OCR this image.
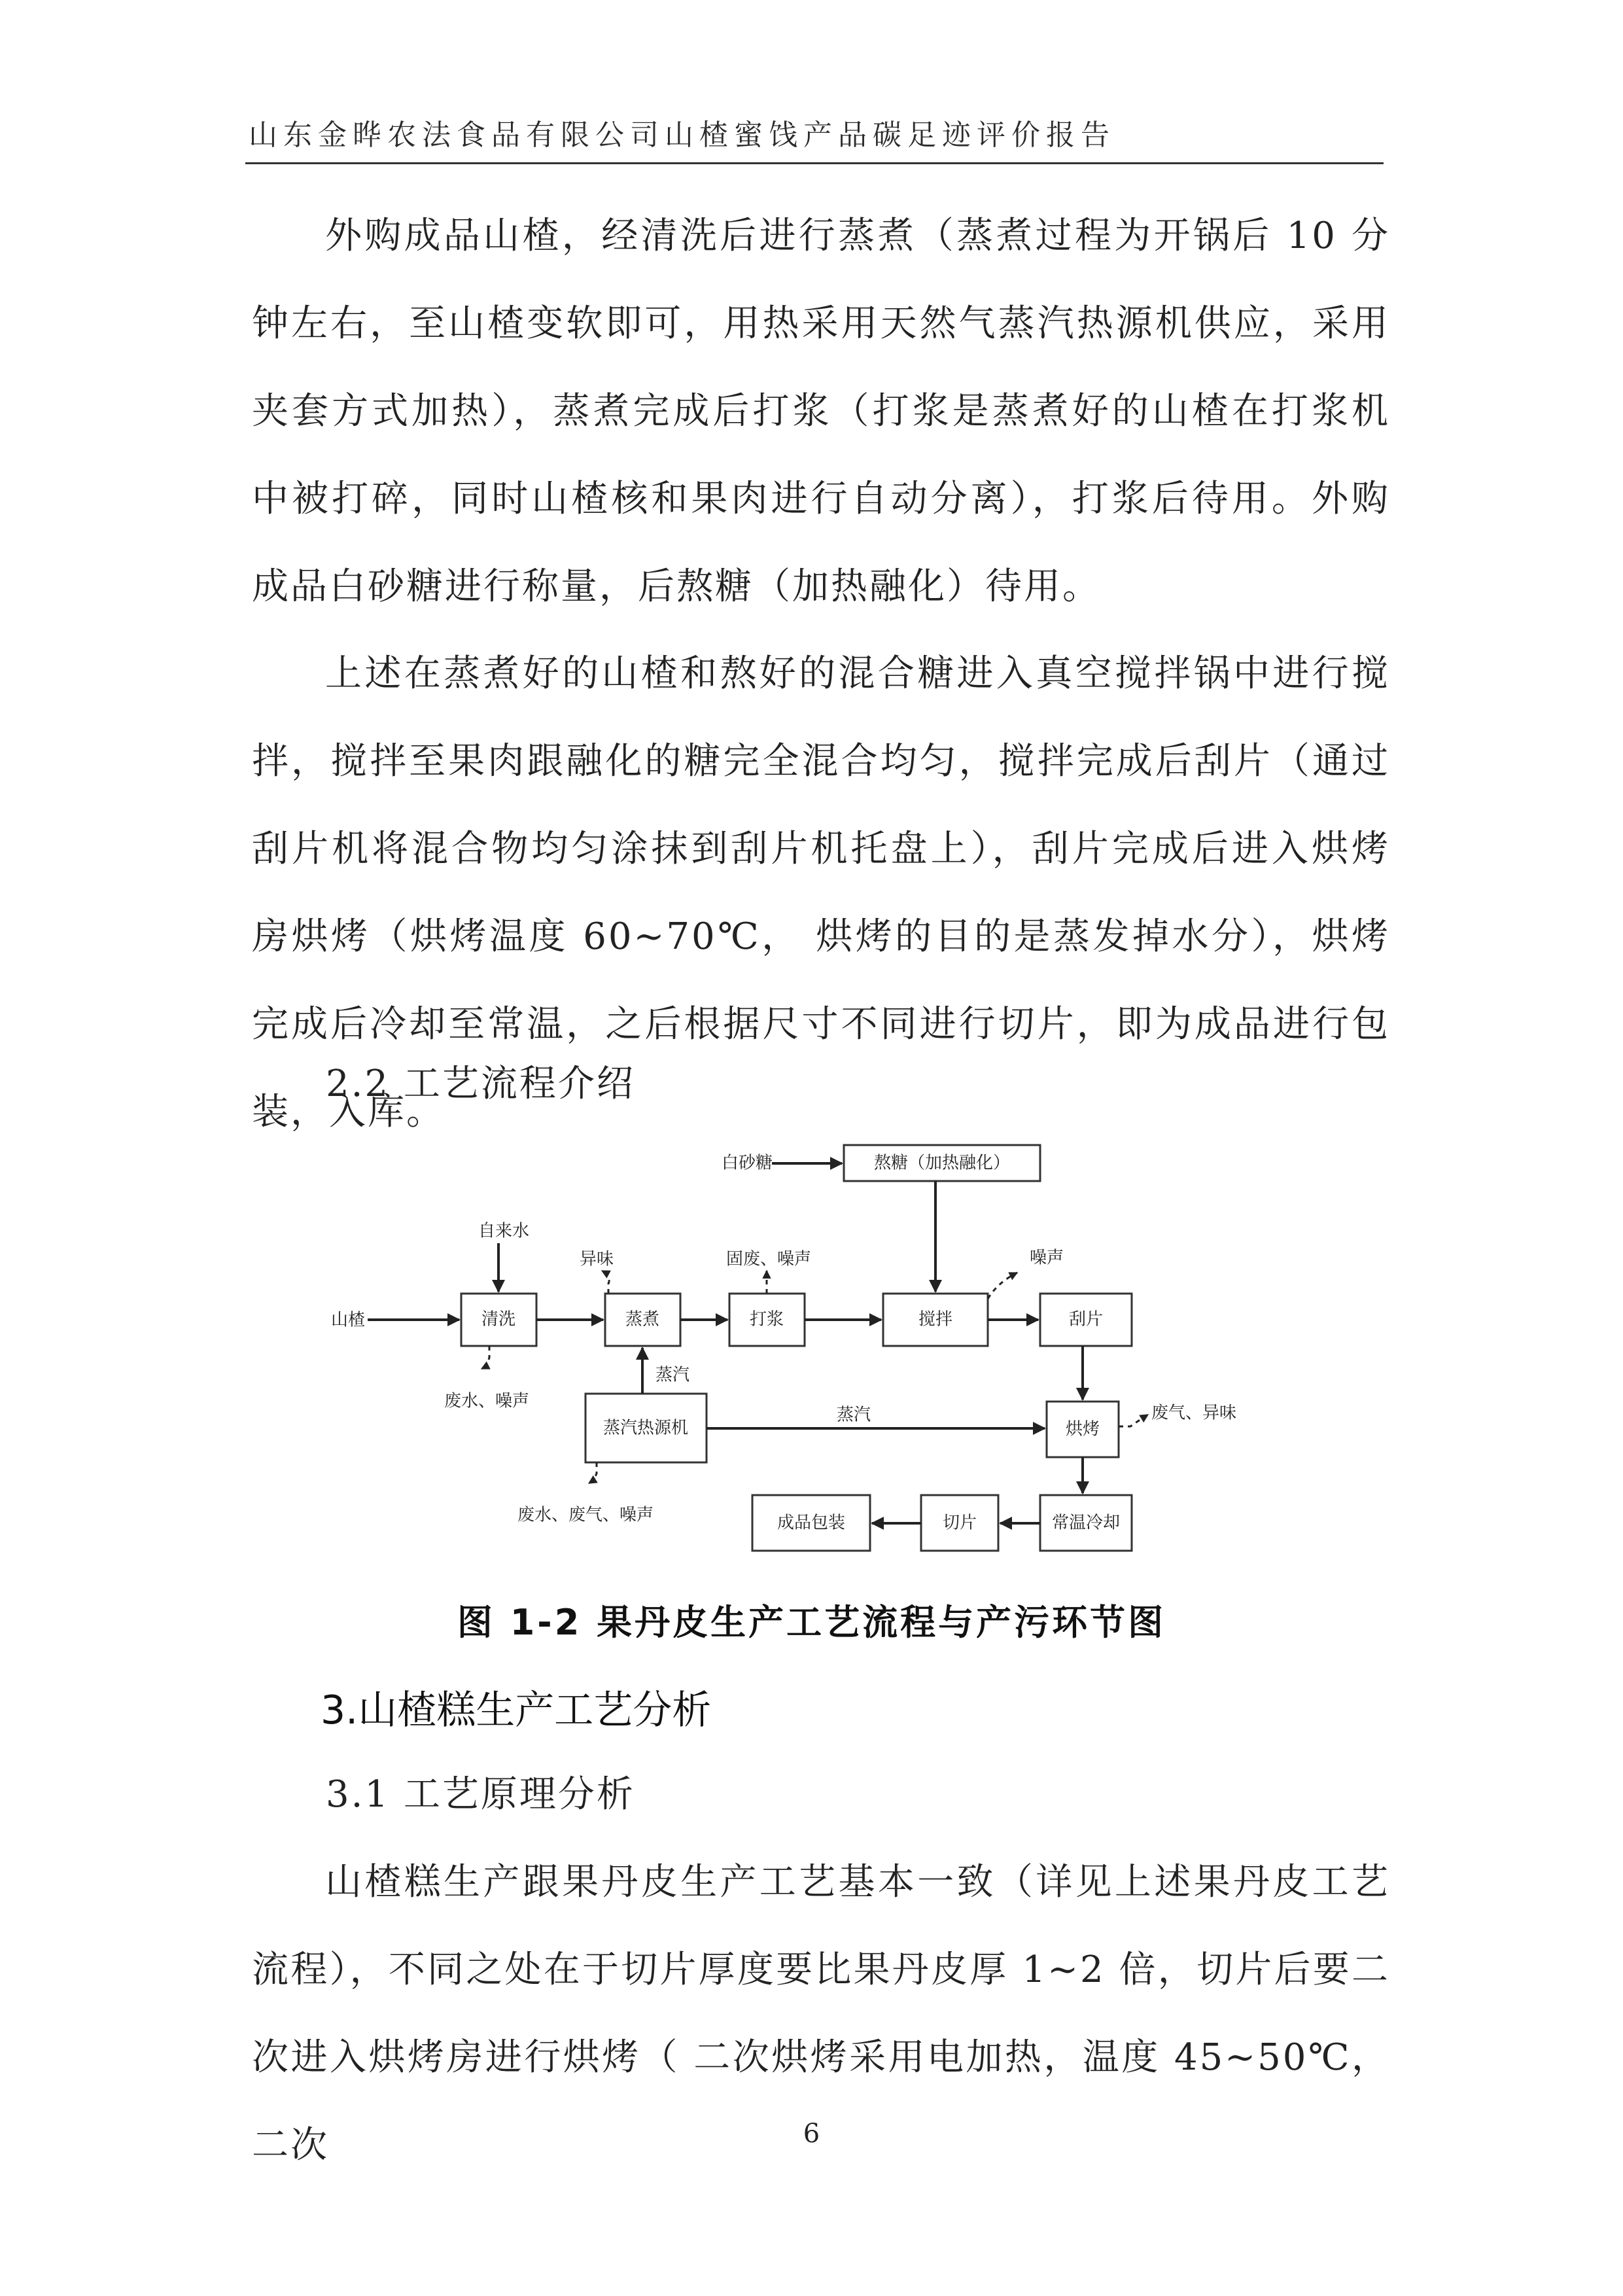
山东金晔农法食品有限公司山楂蜜饯产品碳足迹评价报告

外购成品山楂，经清洗后进行蒸煮（蒸煮过程为开锅后 10 分钟左右，至山楂变软即可，用热采用天然气蒸汽热源机供应，采用夹套方式加热），蒸煮完成后打浆（打浆是蒸煮好的山楂在打浆机中被打碎，同时山楂核和果肉进行自动分离），打浆后待用。外购成品白砂糖进行称量，后熬糖（加热融化）待用。

上述在蒸煮好的山楂和熬好的混合糖进入真空搅拌锅中进行搅拌，搅拌至果肉跟融化的糖完全混合均匀，搅拌完成后刮片（通过刮片机将混合物均匀涂抹到刮片机托盘上），刮片完成后进入烘烤房烘烤（烘烤温度 60~70℃， 烘烤的目的是蒸发掉水分），烘烤完成后冷却至常温，之后根据尺寸不同进行切片，即为成品进行包装，入库。

2.2 工艺流程介绍
熬糖（加热融化）
清洗	蒸煮	打浆	搅拌	刮片
蒸汽热源机	烘烤
常温冷却
切片
成品包装
山楂
自来水
白砂糖
蒸汽
蒸汽
异味	固废、噪声	噪声
废水、噪声
废气、异味
废水、废气、噪声
图 1-2 果丹皮生产工艺流程与产污环节图
3.山楂糕生产工艺分析
3.1 工艺原理分析

山楂糕生产跟果丹皮生产工艺基本一致（详见上述果丹皮工艺流程），不同之处在于切片厚度要比果丹皮厚 1~2 倍，切片后要二次进入烘烤房进行烘烤（ 二次烘烤采用电加热，温度 45~50℃， 二次	6
